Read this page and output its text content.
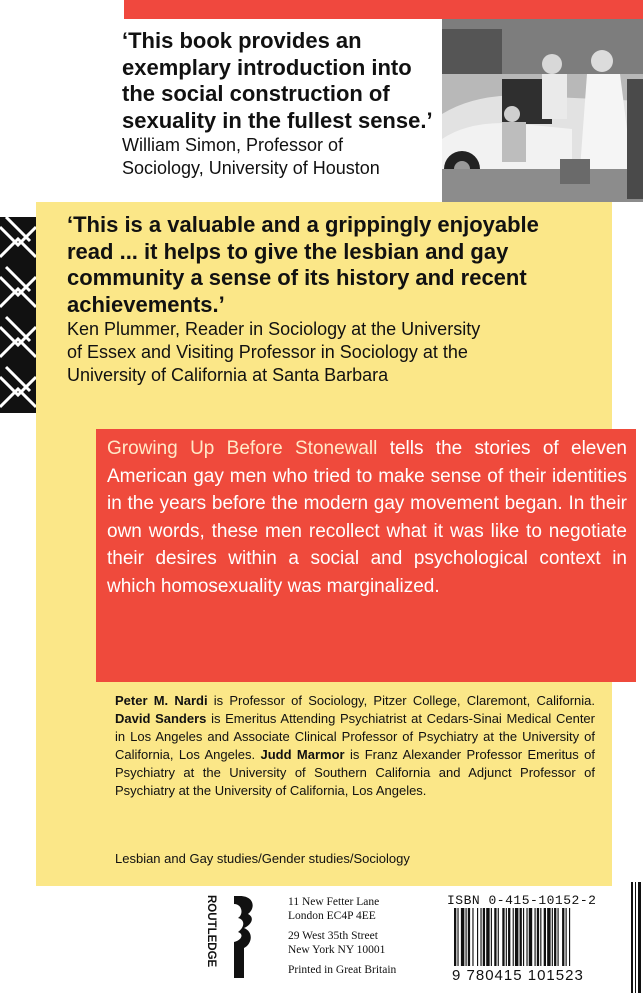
‘This book provides an
exemplary introduction into
the social construction of
sexuality in the fullest sense.’
William Simon, Professor of
Sociology, University of Houston
‘This is a valuable and a grippingly enjoyable
read ... it helps to give the lesbian and gay
community a sense of its history and recent
achievements.’
Ken Plummer, Reader in Sociology at the University
of Essex and Visiting Professor in Sociology at the
University of California at Santa Barbara
Growing Up Before Stonewall tells the stories of eleven American gay men who tried to make sense of their identities in the years before the modern gay movement began. In their own words, these men recollect what it was like to negotiate their desires within a social and psychological context in which homosexuality was marginalized.
Peter M. Nardi is Professor of Sociology, Pitzer College, Claremont, California. David Sanders is Emeritus Attending Psychiatrist at Cedars-Sinai Medical Center in Los Angeles and Associate Clinical Professor of Psychiatry at the University of California, Los Angeles. Judd Marmor is Franz Alexander Professor Emeritus of Psychiatry at the University of Southern California and Adjunct Professor of Psychiatry at the University of California, Los Angeles.
Lesbian and Gay studies/Gender studies/Sociology
ROUTLEDGE	11 New Fetter Lane
London EC4P 4EE
29 West 35th Street
New York NY 10001
Printed in Great Britain
ISBN 0-415-10152-2
9 780415 101523
